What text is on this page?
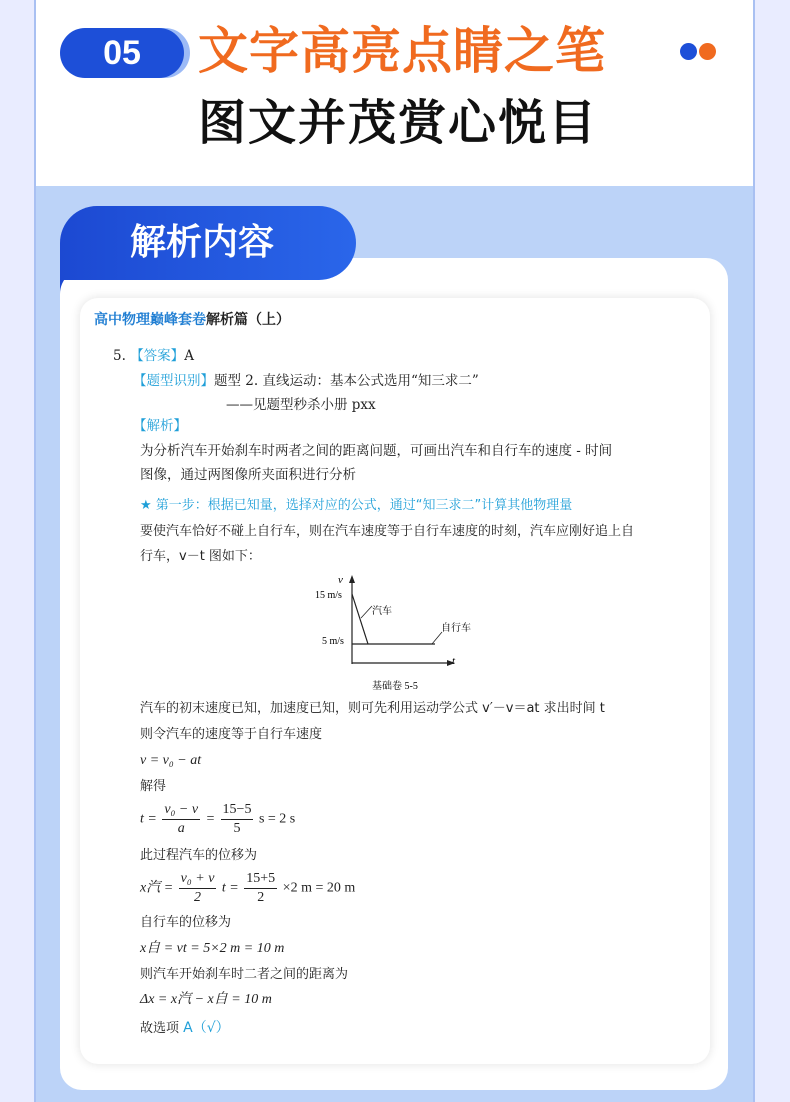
05	文字高亮点睛之笔
图文并茂赏心悦目
解析内容
高中物理巅峰套卷解析篇（上）
5. 【答案】A
【题型识别】题型 2. 直线运动：基本公式选用“知三求二”
——见题型秒杀小册 pxx
【解析】
为分析汽车开始刹车时两者之间的距离问题，可画出汽车和自行车的速度 - 时间
图像，通过两图像所夹面积进行分析
★ 第一步：根据已知量，选择对应的公式，通过“知三求二”计算其他物理量
要使汽车恰好不碰上自行车，则在汽车速度等于自行车速度的时刻，汽车应刚好追上自
行车，v－t 图如下：
v
t
15 m/s
5 m/s
汽车
自行车
基础卷 5-5
汽车的初末速度已知，加速度已知，则可先利用运动学公式 v′－v＝at 求出时间 t
则令汽车的速度等于自行车速度
v = v₀ − at
解得
$t = \frac{\text{v₀ − v}}{a} = \frac{15-5}{5}$ s = 2 s
此过程汽车的位移为
x汽 = $\frac{\text{v₀ + v}}{2}$ $t = \frac{15+5}{2} \times 2$ m = 20 m
自行车的位移为
x自 = vt = 5×2 m = 10 m
则汽车开始刹车时二者之间的距离为
Δx = x汽 − x自 = 10 m
故选项 A（√）
